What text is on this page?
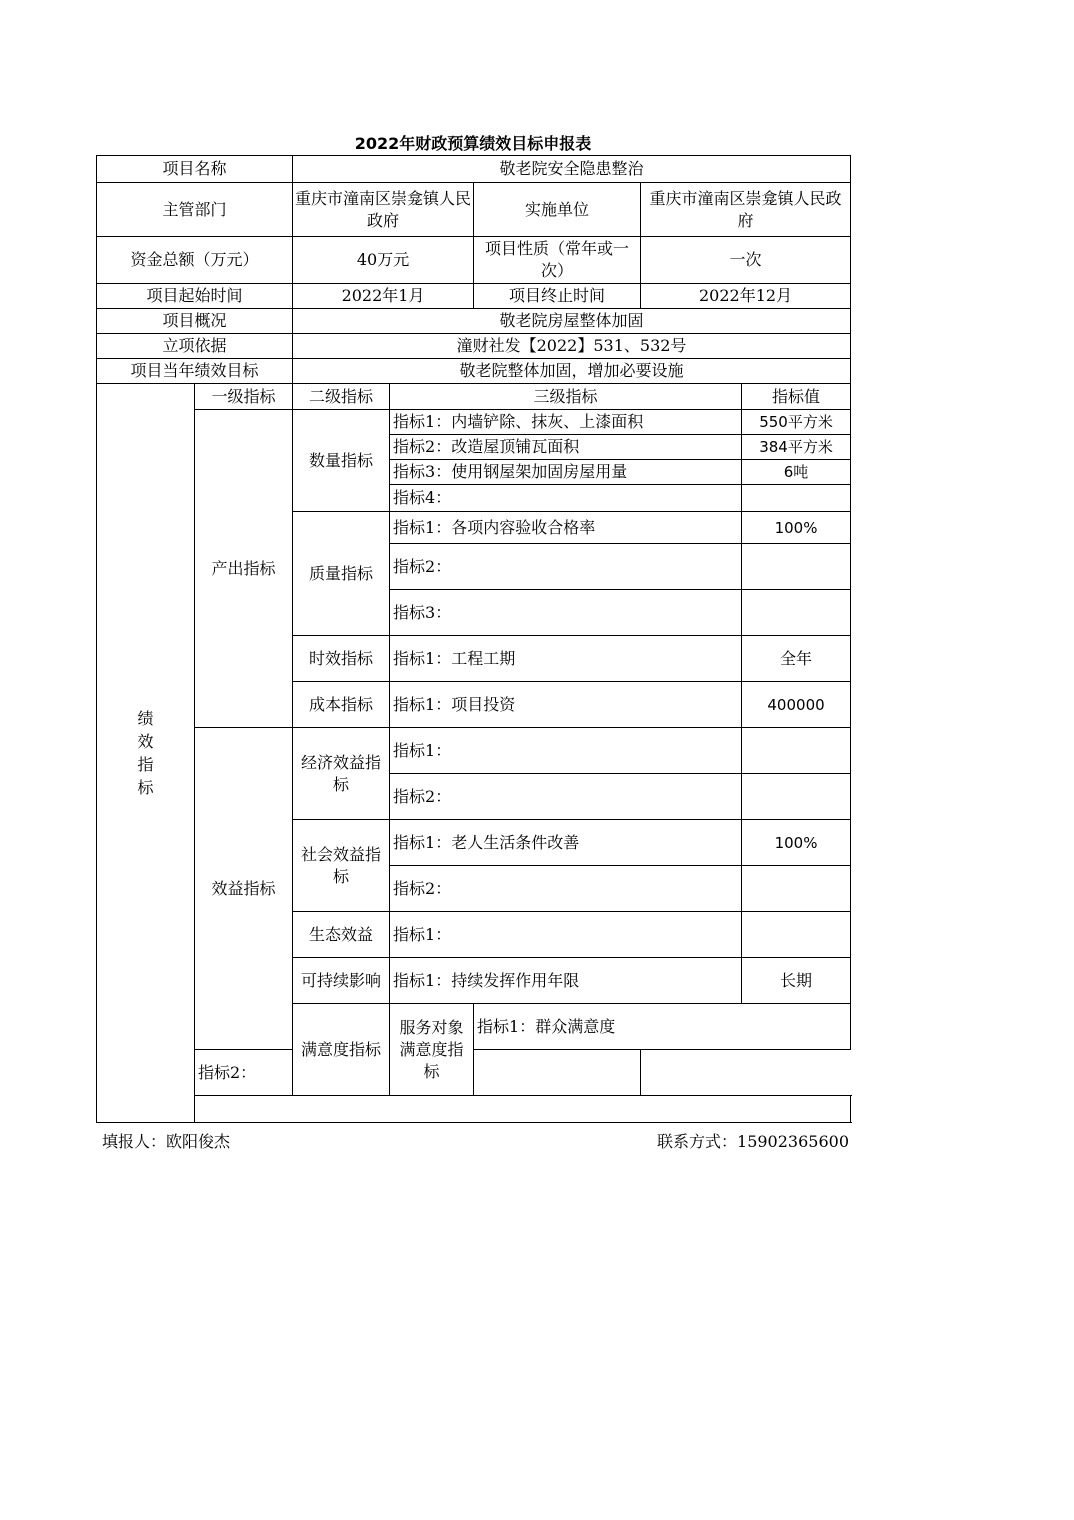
2022年财政预算绩效目标申报表
项目名称		敬老院安全隐患整治					
主管部门		重庆市潼南区崇龛镇人民政府		实施单位	重庆市潼南区崇龛镇人民政府		
资金总额（万元）		40万元		项目性质（常年或一次）	一次		
项目起始时间		2022年1月		项目终止时间	2022年12月		
项目概况		敬老院房屋整体加固					
立项依据		潼财社发【2022】531、532号					
项目当年绩效目标		敬老院整体加固，增加必要设施					
绩效指标	一级指标	二级指标	三级指标			指标值	
	产出指标	数量指标	指标1：内墙铲除、抹灰、上漆面积			550平方米	
			指标2：改造屋顶铺瓦面积			384平方米	
			指标3：使用钢屋架加固房屋用量			6吨	
			指标4：				
		质量指标	指标1：各项内容验收合格率			100%	
			指标2：				
			指标3：				
		时效指标	指标1：工程工期			全年	
		成本指标	指标1：项目投资			400000	
	效益指标	经济效益指标	指标1：				
			指标2：				
		社会效益指标	指标1：老人生活条件改善			100%	
			指标2：				
		生态效益	指标1：				
		可持续影响	指标1：持续发挥作用年限			长期	
		满意度指标	服务对象满意度指标	指标1：群众满意度	
	指标2：						

填报人：欧阳俊杰	联系方式：15902365600
